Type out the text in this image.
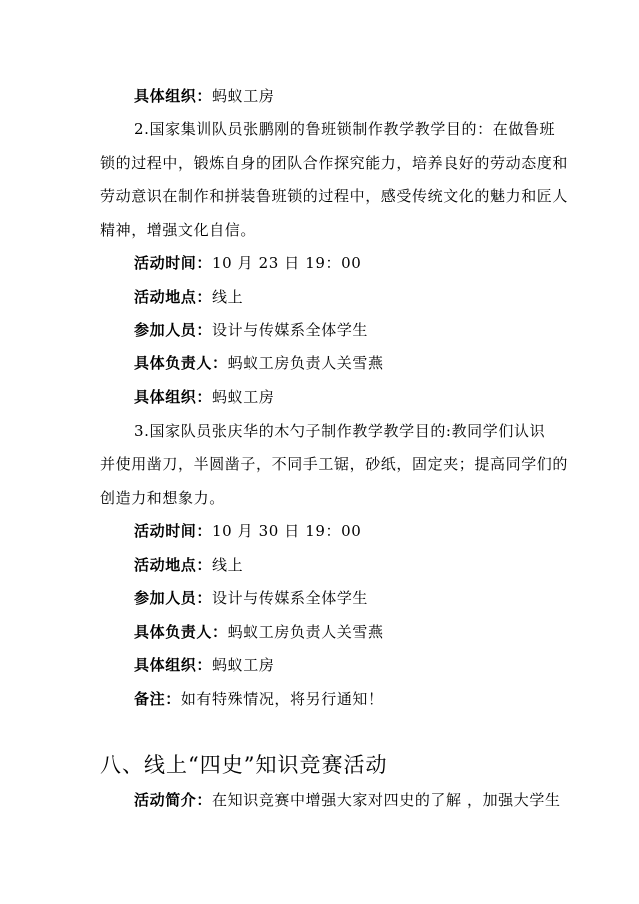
具体组织：蚂蚁工房
2.国家集训队员张鹏刚的鲁班锁制作教学教学目的：在做鲁班
锁的过程中，锻炼自身的团队合作探究能力，培养良好的劳动态度和
劳动意识在制作和拼装鲁班锁的过程中，感受传统文化的魅力和匠人
精神，增强文化自信。
活动时间：10 月 23 日 19：00
活动地点：线上
参加人员：设计与传媒系全体学生
具体负责人：蚂蚁工房负责人关雪燕
具体组织：蚂蚁工房
3.国家队员张庆华的木勺子制作教学教学目的:教同学们认识
并使用凿刀，半圆凿子，不同手工锯，砂纸，固定夹；提高同学们的
创造力和想象力。
活动时间：10 月 30 日 19：00
活动地点：线上
参加人员：设计与传媒系全体学生
具体负责人：蚂蚁工房负责人关雪燕
具体组织：蚂蚁工房
备注：如有特殊情况，将另行通知！
八、线上“四史”知识竞赛活动
活动简介：在知识竞赛中增强大家对四史的了解 ，加强大学生
